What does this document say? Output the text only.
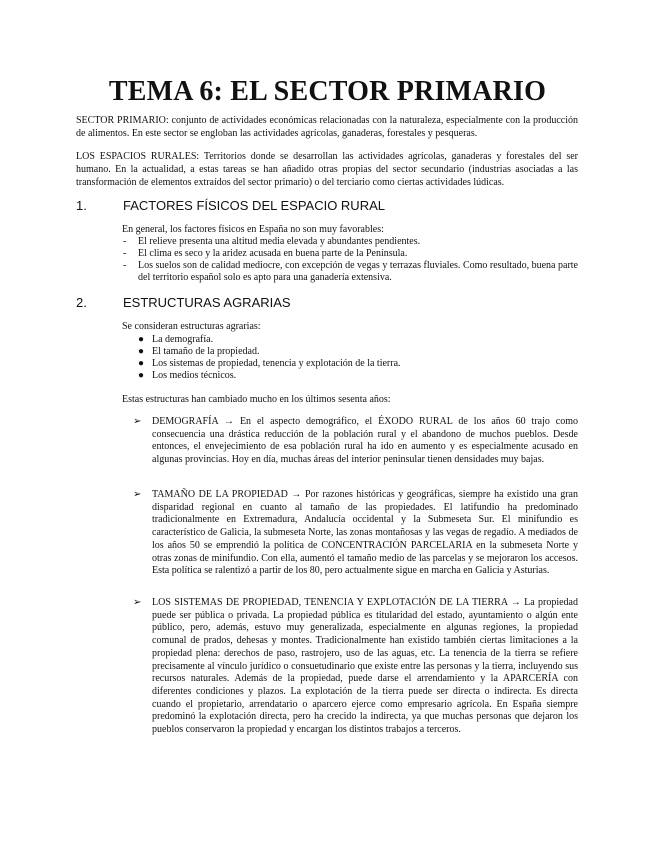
TEMA 6: EL SECTOR PRIMARIO
SECTOR PRIMARIO: conjunto de actividades económicas relacionadas con la naturaleza, especialmente con la producción de alimentos. En este sector se engloban las actividades agrícolas, ganaderas, forestales y pesqueras.
LOS ESPACIOS RURALES: Territorios donde se desarrollan las actividades agrícolas, ganaderas y forestales del ser humano. En la actualidad, a estas tareas se han añadido otras propias del sector secundario (industrias asociadas a las transformación de elementos extraídos del sector primario) o del terciario como ciertas actividades lúdicas.
1.	FACTORES FÍSICOS DEL ESPACIO RURAL
En general, los factores físicos en España no son muy favorables:
-	El relieve presenta una altitud media elevada y abundantes pendientes.
-	El clima es seco y la aridez acusada en buena parte de la Península.
-	Los suelos son de calidad mediocre, con excepción de vegas y terrazas fluviales. Como resultado, buena parte del territorio español solo es apto para una ganadería extensiva.
2.	ESTRUCTURAS AGRARIAS
Se consideran estructuras agrarias:
● La demografía.
● El tamaño de la propiedad.
● Los sistemas de propiedad, tenencia y explotación de la tierra.
● Los medios técnicos.
Estas estructuras han cambiado mucho en los últimos sesenta años:
➢	DEMOGRAFÍA → En el aspecto demográfico, el ÉXODO RURAL de los años 60 trajo como consecuencia una drástica reducción de la población rural y el abandono de muchos pueblos. Desde entonces, el envejecimiento de esa población rural ha ido en aumento y es especialmente acusado en algunas provincias. Hoy en día, muchas áreas del interior peninsular tienen densidades muy bajas.
➢	TAMAÑO DE LA PROPIEDAD → Por razones históricas y geográficas, siempre ha existido una gran disparidad regional en cuanto al tamaño de las propiedades. El latifundio ha predominado tradicionalmente en Extremadura, Andalucía occidental y la Submeseta Sur. El minifundio es característico de Galicia, la submeseta Norte, las zonas montañosas y las vegas de regadío. A mediados de los años 50 se emprendió la política de CONCENTRACIÓN PARCELARIA en la submeseta Norte y otras zonas de minifundio. Con ella, aumentó el tamaño medio de las parcelas y se mejoraron los accesos. Esta política se ralentizó a partir de los 80, pero actualmente sigue en marcha en Galicia y Asturias.
➢	LOS SISTEMAS DE PROPIEDAD, TENENCIA Y EXPLOTACIÓN DE LA TIERRA → La propiedad puede ser pública o privada. La propiedad pública es titularidad del estado, ayuntamiento o algún ente público, pero, además, estuvo muy generalizada, especialmente en algunas regiones, la propiedad comunal de prados, dehesas y montes. Tradicionalmente han existido también ciertas limitaciones a la propiedad plena: derechos de paso, rastrojero, uso de las aguas, etc. La tenencia de la tierra se refiere precisamente al vínculo jurídico o consuetudinario que existe entre las personas y la tierra, incluyendo sus recursos naturales. Además de la propiedad, puede darse el arrendamiento y la APARCERÍA con diferentes condiciones y plazos. La explotación de la tierra puede ser directa o indirecta. Es directa cuando el propietario, arrendatario o aparcero ejerce como empresario agrícola. En España siempre predominó la explotación directa, pero ha crecido la indirecta, ya que muchas personas que dejaron los pueblos conservaron la propiedad y encargan los distintos trabajos a terceros.
